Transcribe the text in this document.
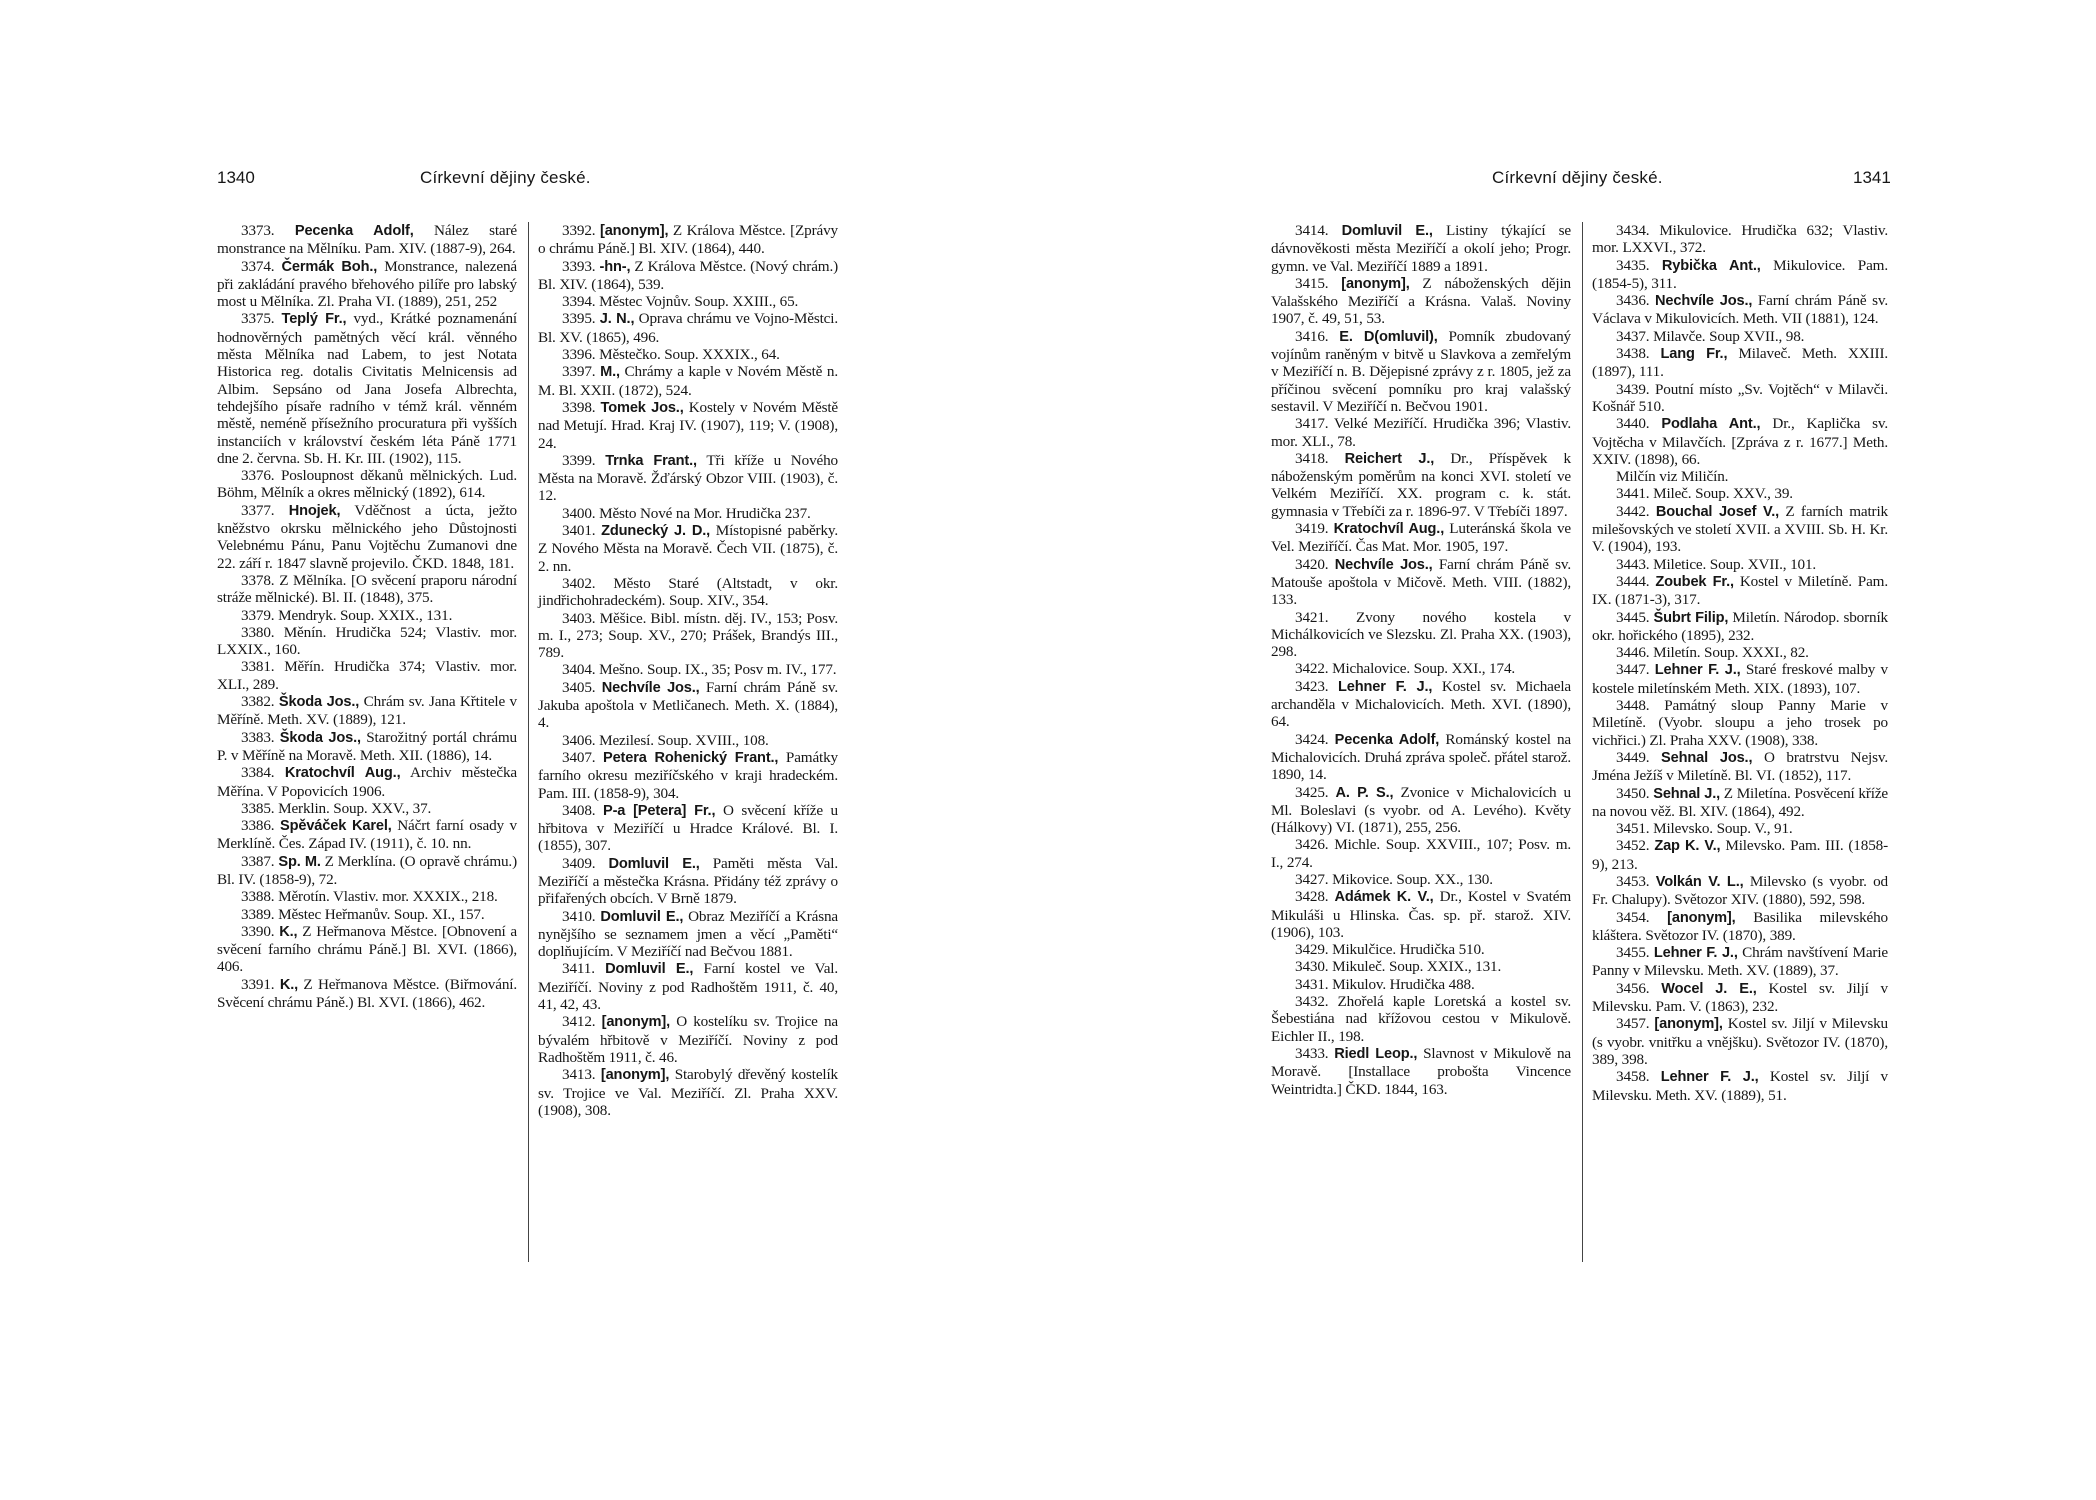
1340	Církevní dějiny české.

3373. Pecenka Adolf, Nález staré monstrance na Mělníku. Pam. XIV. (1887-9), 264.

3374. Čermák Boh., Monstrance, nalezená při zakládání pravého břehového pilíře pro labský most u Mělníka. Zl. Praha VI. (1889), 251, 252

3375. Teplý Fr., vyd., Krátké poznamenání hodnověrných pamětných věcí král. věnného města Mělníka nad Labem, to jest Notata Historica reg. dotalis Civitatis Melnicensis ad Albim. Sepsáno od Jana Josefa Albrechta, tehdejšího písaře radního v témž král. věnném městě, neméně přísežního procuratura při vyšších instanciích v království českém léta Páně 1771 dne 2. června. Sb. H. Kr. III. (1902), 115.

3376. Posloupnost děkanů mělnických. Lud. Böhm, Mělník a okres mělnický (1892), 614.

3377. Hnojek, Vděčnost a úcta, ježto kněžstvo okrsku mělnického jeho Důstojnosti Velebnému Pánu, Panu Vojtěchu Zumanovi dne 22. září r. 1847 slavně projevilo. ČKD. 1848, 181.

3378. Z Mělníka. [O svěcení praporu národní stráže mělnické). Bl. II. (1848), 375.

3379. Mendryk. Soup. XXIX., 131.

3380. Měnín. Hrudička 524; Vlastiv. mor. LXXIX., 160.

3381. Měřín. Hrudička 374; Vlastiv. mor. XLI., 289.

3382. Škoda Jos., Chrám sv. Jana Křtitele v Měříně. Meth. XV. (1889), 121.

3383. Škoda Jos., Starožitný portál chrámu P. v Měříně na Moravě. Meth. XII. (1886), 14.

3384. Kratochvíl Aug., Archiv městečka Měřína. V Popovicích 1906.

3385. Merklin. Soup. XXV., 37.

3386. Spěváček Karel, Náčrt farní osady v Merklíně. Čes. Západ IV. (1911), č. 10. nn.

3387. Sp. M. Z Merklína. (O opravě chrámu.) Bl. IV. (1858-9), 72.

3388. Měrotín. Vlastiv. mor. XXXIX., 218.

3389. Městec Heřmanův. Soup. XI., 157.

3390. K., Z Heřmanova Městce. [Obnovení a svěcení farního chrámu Páně.] Bl. XVI. (1866), 406.

3391. K., Z Heřmanova Městce. (Biřmování. Svěcení chrámu Páně.) Bl. XVI. (1866), 462.

3392. [anonym], Z Králova Městce. [Zprávy o chrámu Páně.] Bl. XIV. (1864), 440.

3393. -hn-, Z Králova Městce. (Nový chrám.) Bl. XIV. (1864), 539.

3394. Městec Vojnův. Soup. XXIII., 65.

3395. J. N., Oprava chrámu ve Vojno-Městci. Bl. XV. (1865), 496.

3396. Městečko. Soup. XXXIX., 64.

3397. M., Chrámy a kaple v Novém Městě n. M. Bl. XXII. (1872), 524.

3398. Tomek Jos., Kostely v Novém Městě nad Metují. Hrad. Kraj IV. (1907), 119; V. (1908), 24.

3399. Trnka Frant., Tři kříže u Nového Města na Moravě. Žďárský Obzor VIII. (1903), č. 12.

3400. Město Nové na Mor. Hrudička 237.

3401. Zdunecký J. D., Místopisné paběrky. Z Nového Města na Moravě. Čech VII. (1875), č. 2. nn.

3402. Město Staré (Altstadt, v okr. jindřichohradeckém). Soup. XIV., 354.

3403. Měšice. Bibl. místn. děj. IV., 153; Posv. m. I., 273; Soup. XV., 270; Prášek, Brandýs III., 789.

3404. Mešno. Soup. IX., 35; Posv m. IV., 177.

3405. Nechvíle Jos., Farní chrám Páně sv. Jakuba apoštola v Metličanech. Meth. X. (1884), 4.

3406. Mezilesí. Soup. XVIII., 108.

3407. Petera Rohenický Frant., Památky farního okresu meziříčského v kraji hradeckém. Pam. III. (1858-9), 304.

3408. P-a [Petera] Fr., O svěcení kříže u hřbitova v Meziříčí u Hradce Králové. Bl. I. (1855), 307.

3409. Domluvil E., Paměti města Val. Meziříčí a městečka Krásna. Přidány též zprávy o přifařených obcích. V Brně 1879.

3410. Domluvil E., Obraz Meziříčí a Krásna nynějšího se seznamem jmen a věcí „Paměti“ doplňujícím. V Meziříčí nad Bečvou 1881.

3411. Domluvil E., Farní kostel ve Val. Meziříčí. Noviny z pod Radhoštěm 1911, č. 40, 41, 42, 43.

3412. [anonym], O kostelíku sv. Trojice na bývalém hřbitově v Meziříčí. Noviny z pod Radhoštěm 1911, č. 46.

3413. [anonym], Starobylý dřevěný kostelík sv. Trojice ve Val. Meziříčí. Zl. Praha XXV. (1908), 308.

Církevní dějiny české.	1341

3414. Domluvil E., Listiny týkající se dávnověkosti města Meziříčí a okolí jeho; Progr. gymn. ve Val. Meziříčí 1889 a 1891.

3415. [anonym], Z náboženských dějin Valašského Meziříčí a Krásna. Valaš. Noviny 1907, č. 49, 51, 53.

3416. E. D(omluvil), Pomník zbudovaný vojínům raněným v bitvě u Slavkova a zemřelým v Meziříčí n. B. Dějepisné zprávy z r. 1805, jež za příčinou svěcení pomníku pro kraj valašský sestavil. V Meziříčí n. Bečvou 1901.

3417. Velké Meziříčí. Hrudička 396; Vlastiv. mor. XLI., 78.

3418. Reichert J., Dr., Příspěvek k náboženským poměrům na konci XVI. století ve Velkém Meziříčí. XX. program c. k. stát. gymnasia v Třebíči za r. 1896-97. V Třebíči 1897.

3419. Kratochvíl Aug., Luteránská škola ve Vel. Meziříčí. Čas Mat. Mor. 1905, 197.

3420. Nechvíle Jos., Farní chrám Páně sv. Matouše apoštola v Mičově. Meth. VIII. (1882), 133.

3421. Zvony nového kostela v Michálkovicích ve Slezsku. Zl. Praha XX. (1903), 298.

3422. Michalovice. Soup. XXI., 174.

3423. Lehner F. J., Kostel sv. Michaela archanděla v Michalovicích. Meth. XVI. (1890), 64.

3424. Pecenka Adolf, Románský kostel na Michalovicích. Druhá zpráva společ. přátel starož. 1890, 14.

3425. A. P. S., Zvonice v Michalovicích u Ml. Boleslavi (s vyobr. od A. Levého). Květy (Hálkovy) VI. (1871), 255, 256.

3426. Michle. Soup. XXVIII., 107; Posv. m. I., 274.

3427. Mikovice. Soup. XX., 130.

3428. Adámek K. V., Dr., Kostel v Svatém Mikuláši u Hlinska. Čas. sp. př. starož. XIV. (1906), 103.

3429. Mikulčice. Hrudička 510.

3430. Mikuleč. Soup. XXIX., 131.

3431. Mikulov. Hrudička 488.

3432. Zhořelá kaple Loretská a kostel sv. Šebestiána nad křížovou cestou v Mikulově. Eichler II., 198.

3433. Riedl Leop., Slavnost v Mikulově na Moravě. [Installace proboštа Vincence Weintridta.] ČKD. 1844, 163.

3434. Mikulovice. Hrudička 632; Vlastiv. mor. LXXVI., 372.

3435. Rybička Ant., Mikulovice. Pam. (1854-5), 311.

3436. Nechvíle Jos., Farní chrám Páně sv. Václava v Mikulovicích. Meth. VII (1881), 124.

3437. Milavče. Soup XVII., 98.

3438. Lang Fr., Milaveč. Meth. XXIII. (1897), 111.

3439. Poutní místo „Sv. Vojtěch“ v Milavči. Košnář 510.

3440. Podlaha Ant., Dr., Kaplička sv. Vojtěcha v Milavčích. [Zpráva z r. 1677.] Meth. XXIV. (1898), 66.

Milčín viz Miličín.

3441. Mileč. Soup. XXV., 39.

3442. Bouchal Josef V., Z farních matrik milešovských ve století XVII. a XVIII. Sb. H. Kr. V. (1904), 193.

3443. Miletice. Soup. XVII., 101.

3444. Zoubek Fr., Kostel v Miletíně. Pam. IX. (1871-3), 317.

3445. Šubrt Filip, Miletín. Národop. sborník okr. hořického (1895), 232.

3446. Miletín. Soup. XXXI., 82.

3447. Lehner F. J., Staré freskové malby v kostele miletínském Meth. XIX. (1893), 107.

3448. Památný sloup Panny Marie v Miletíně. (Vyobr. sloupu a jeho trosek po vichřici.) Zl. Praha XXV. (1908), 338.

3449. Sehnal Jos., O bratrstvu Nejsv. Jména Ježíš v Miletíně. Bl. VI. (1852), 117.

3450. Sehnal J., Z Miletína. Posvěcení kříže na novou věž. Bl. XIV. (1864), 492.

3451. Milevsko. Soup. V., 91.

3452. Zap K. V., Milevsko. Pam. III. (1858-9), 213.

3453. Volkán V. L., Milevsko (s vyobr. od Fr. Chalupy). Světozor XIV. (1880), 592, 598.

3454. [anonym], Basilika milevského kláštera. Světozor IV. (1870), 389.

3455. Lehner F. J., Chrám navštívení Marie Panny v Milevsku. Meth. XV. (1889), 37.

3456. Wocel J. E., Kostel sv. Jiljí v Milevsku. Pam. V. (1863), 232.

3457. [anonym], Kostel sv. Jiljí v Milevsku (s vyobr. vnitřku a vnějšku). Světozor IV. (1870), 389, 398.

3458. Lehner F. J., Kostel sv. Jiljí v Milevsku. Meth. XV. (1889), 51.
